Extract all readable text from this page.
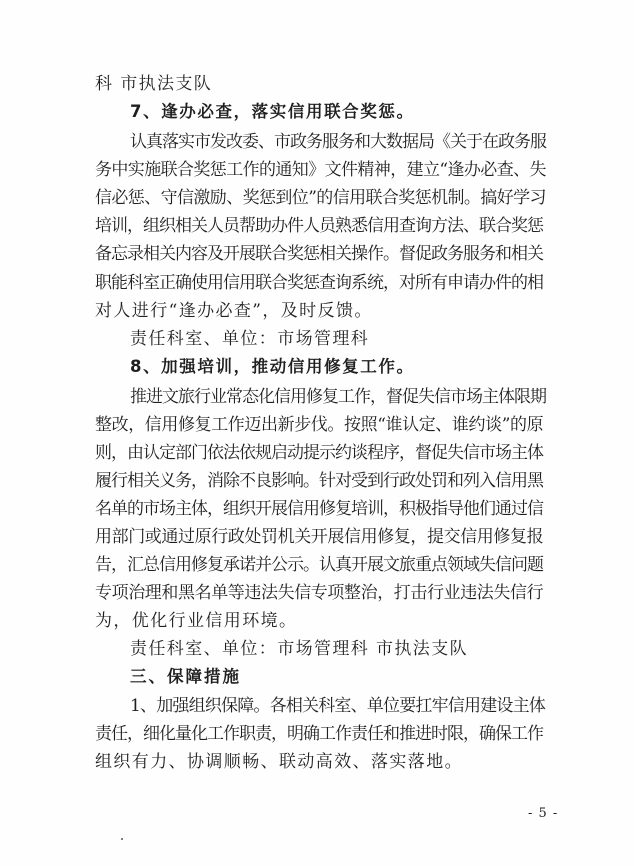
科 市执法支队
7、逢办必查，落实信用联合奖惩。
认真落实市发改委、市政务服务和大数据局《关于在政务服
务中实施联合奖惩工作的通知》文件精神，建立“逢办必查、失
信必惩、守信激励、奖惩到位”的信用联合奖惩机制。搞好学习
培训，组织相关人员帮助办件人员熟悉信用查询方法、联合奖惩
备忘录相关内容及开展联合奖惩相关操作。督促政务服务和相关
职能科室正确使用信用联合奖惩查询系统，对所有申请办件的相
对人进行“逢办必查”，及时反馈。
责任科室、单位：市场管理科
8、加强培训，推动信用修复工作。
推进文旅行业常态化信用修复工作，督促失信市场主体限期
整改，信用修复工作迈出新步伐。按照“谁认定、谁约谈”的原
则，由认定部门依法依规启动提示约谈程序，督促失信市场主体
履行相关义务，消除不良影响。针对受到行政处罚和列入信用黑
名单的市场主体，组织开展信用修复培训，积极指导他们通过信
用部门或通过原行政处罚机关开展信用修复，提交信用修复报
告，汇总信用修复承诺并公示。认真开展文旅重点领域失信问题
专项治理和黑名单等违法失信专项整治，打击行业违法失信行
为，优化行业信用环境。
责任科室、单位：市场管理科 市执法支队
三、保障措施
1、加强组织保障。各相关科室、单位要扛牢信用建设主体
责任，细化量化工作职责，明确工作责任和推进时限，确保工作
组织有力、协调顺畅、联动高效、落实落地。
- 5 -
